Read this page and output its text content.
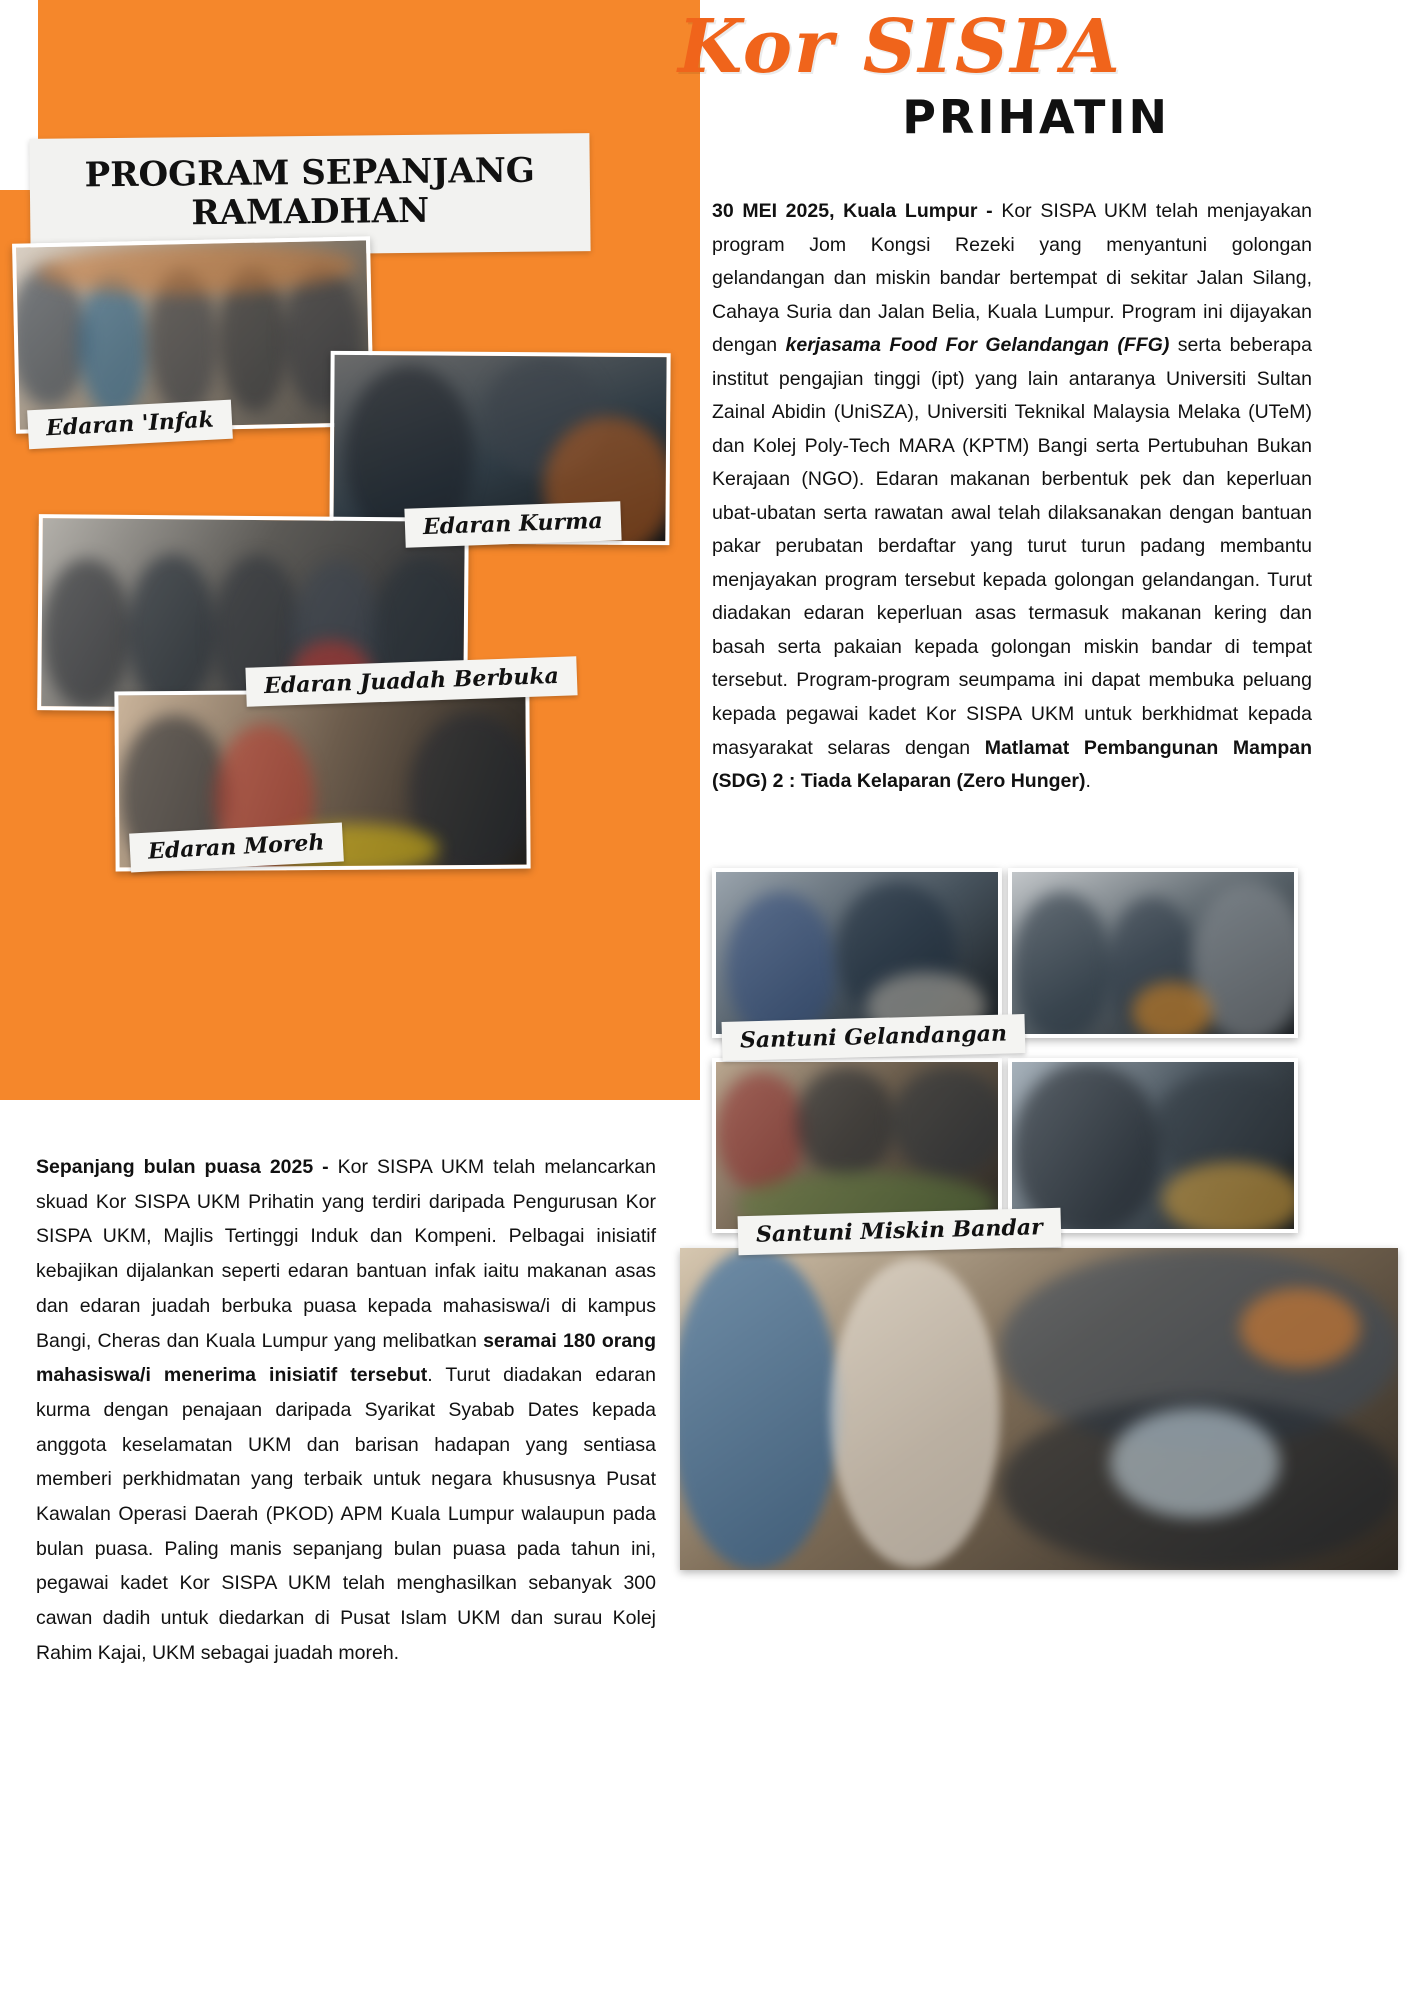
Kor SISPA
PRIHATIN
PROGRAM SEPANJANG RAMADHAN
Edaran 'Infak
Edaran Kurma
Edaran Juadah Berbuka
Edaran Moreh
Santuni Gelandangan
Santuni Miskin Bandar

30 MEI 2025, Kuala Lumpur - Kor SISPA UKM telah menjayakan program Jom Kongsi Rezeki yang menyantuni golongan gelandangan dan miskin bandar bertempat di sekitar Jalan Silang, Cahaya Suria dan Jalan Belia, Kuala Lumpur. Program ini dijayakan dengan kerjasama Food For Gelandangan (FFG) serta beberapa institut pengajian tinggi (ipt) yang lain antaranya Universiti Sultan Zainal Abidin (UniSZA), Universiti Teknikal Malaysia Melaka (UTeM) dan Kolej Poly-Tech MARA (KPTM) Bangi serta Pertubuhan Bukan Kerajaan (NGO). Edaran makanan berbentuk pek dan keperluan ubat-ubatan serta rawatan awal telah dilaksanakan dengan bantuan pakar perubatan berdaftar yang turut turun padang membantu menjayakan program tersebut kepada golongan gelandangan. Turut diadakan edaran keperluan asas termasuk makanan kering dan basah serta pakaian kepada golongan miskin bandar di tempat tersebut. Program-program seumpama ini dapat membuka peluang kepada pegawai kadet Kor SISPA UKM untuk berkhidmat kepada masyarakat selaras dengan Matlamat Pembangunan Mampan (SDG) 2 : Tiada Kelaparan (Zero Hunger).

Sepanjang bulan puasa 2025 - Kor SISPA UKM telah melancarkan skuad Kor SISPA UKM Prihatin yang terdiri daripada Pengurusan Kor SISPA UKM, Majlis Tertinggi Induk dan Kompeni. Pelbagai inisiatif kebajikan dijalankan seperti edaran bantuan infak iaitu makanan asas dan edaran juadah berbuka puasa kepada mahasiswa/i di kampus Bangi, Cheras dan Kuala Lumpur yang melibatkan seramai 180 orang mahasiswa/i menerima inisiatif tersebut. Turut diadakan edaran kurma dengan penajaan daripada Syarikat Syabab Dates kepada anggota keselamatan UKM dan barisan hadapan yang sentiasa memberi perkhidmatan yang terbaik untuk negara khususnya Pusat Kawalan Operasi Daerah (PKOD) APM Kuala Lumpur walaupun pada bulan puasa. Paling manis sepanjang bulan puasa pada tahun ini, pegawai kadet Kor SISPA UKM telah menghasilkan sebanyak 300 cawan dadih untuk diedarkan di Pusat Islam UKM dan surau Kolej Rahim Kajai, UKM sebagai juadah moreh.
